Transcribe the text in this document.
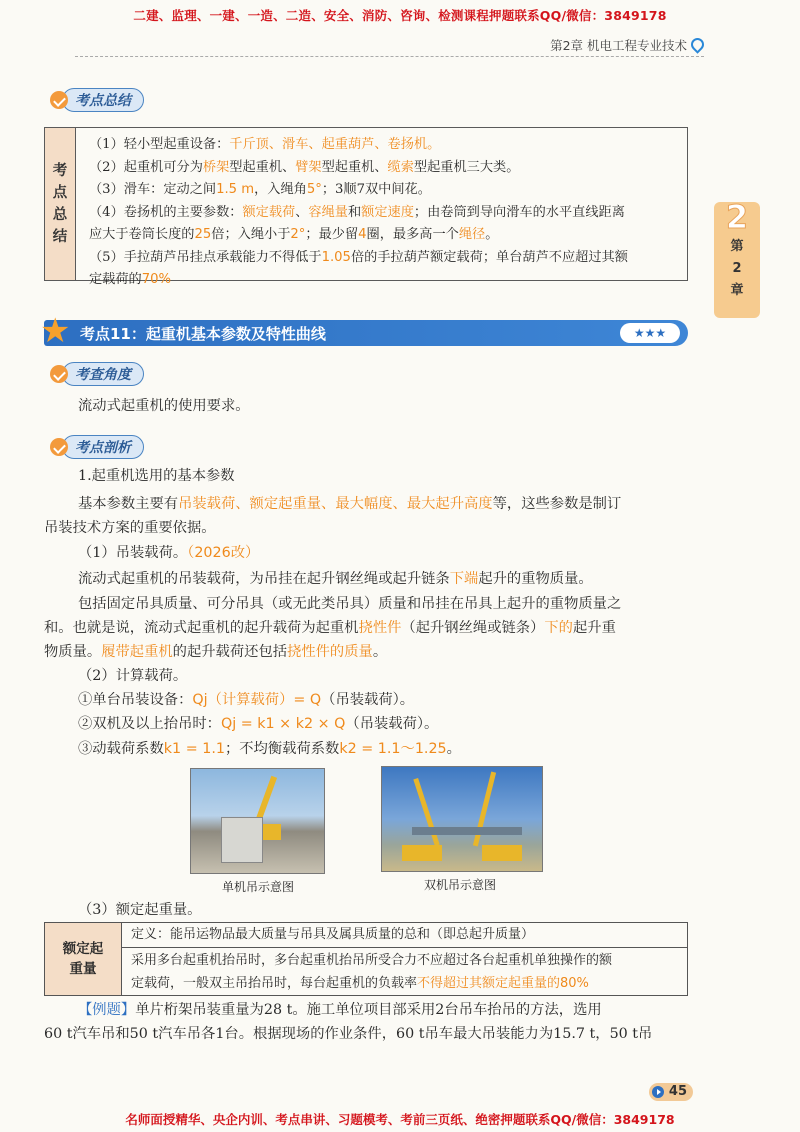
二建、监理、一建、一造、二造、安全、消防、咨询、检测课程押题联系QQ/微信：3849178
第2章 机电工程专业技术
2
第
2
章
考点总结
考
点
总
结
（1）轻小型起重设备：千斤顶、滑车、起重葫芦、卷扬机。
（2）起重机可分为桥架型起重机、臂架型起重机、缆索型起重机三大类。
（3）滑车：定动之间1.5 m，入绳角5°；3顺7双中间花。
（4）卷扬机的主要参数：额定载荷、容绳量和额定速度；由卷筒到导向滑车的水平直线距离
应大于卷筒长度的25倍；入绳小于2°；最少留4圈，最多高一个绳径。
（5）手拉葫芦吊挂点承载能力不得低于1.05倍的手拉葫芦额定载荷；单台葫芦不应超过其额
定载荷的70%
★ 考点11：起重机基本参数及特性曲线	★★★
考查角度
流动式起重机的使用要求。
考点剖析
1.起重机选用的基本参数
基本参数主要有吊装载荷、额定起重量、最大幅度、最大起升高度等，这些参数是制订
吊装技术方案的重要依据。
（1）吊装载荷。（2026改）
流动式起重机的吊装载荷，为吊挂在起升钢丝绳或起升链条下端起升的重物质量。
包括固定吊具质量、可分吊具（或无此类吊具）质量和吊挂在吊具上起升的重物质量之
和。也就是说，流动式起重机的起升载荷为起重机挠性件（起升钢丝绳或链条）下的起升重
物质量。履带起重机的起升载荷还包括挠性件的质量。
（2）计算载荷。
①单台吊装设备：Qj（计算载荷）= Q（吊装载荷）。
②双机及以上抬吊时：Qj = k1 × k2 × Q（吊装载荷）。
③动载荷系数k1 = 1.1；不均衡载荷系数k2 = 1.1～1.25。
单机吊示意图	双机吊示意图
（3）额定起重量。
额定起
重量
定义：能吊运物品最大质量与吊具及属具质量的总和（即总起升质量）
采用多台起重机抬吊时，多台起重机抬吊所受合力不应超过各台起重机单独操作的额
定载荷，一般双主吊抬吊时，每台起重机的负载率不得超过其额定起重量的80%
【例题】单片桁架吊装重量为28 t。施工单位项目部采用2台吊车抬吊的方法，选用
60 t汽车吊和50 t汽车吊各1台。根据现场的作业条件，60 t吊车最大吊装能力为15.7 t，50 t吊
45
名师面授精华、央企内训、考点串讲、习题模考、考前三页纸、绝密押题联系QQ/微信：3849178
